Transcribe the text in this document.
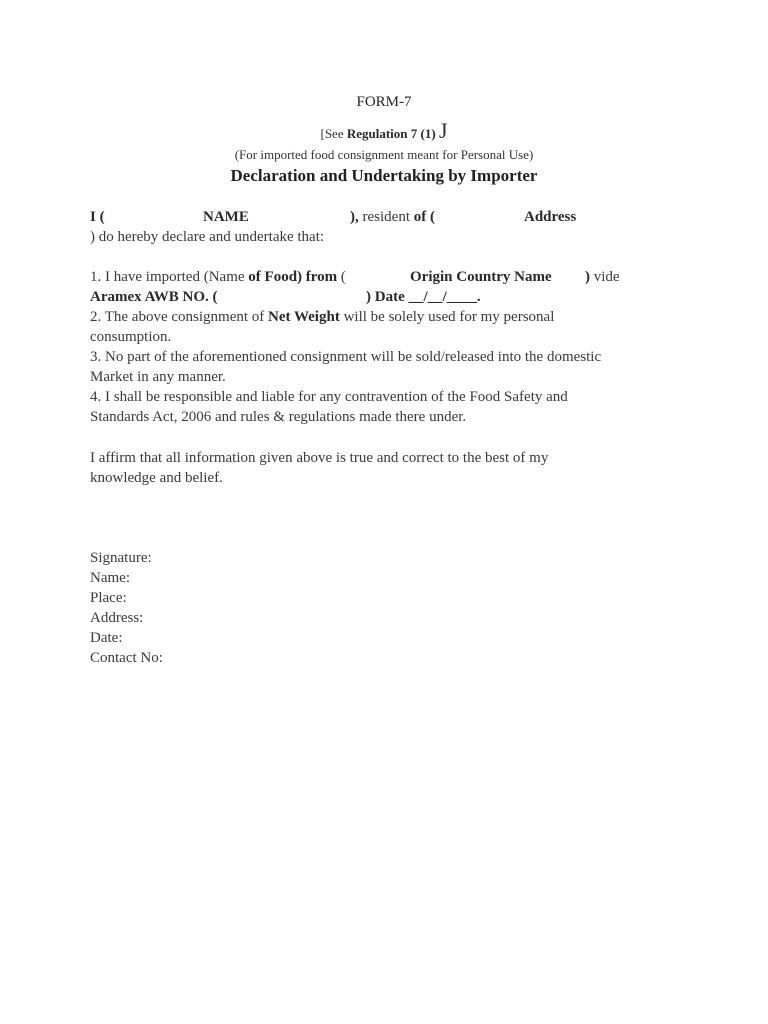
FORM-7
[See Regulation 7 (1) J
(For imported food consignment meant for Personal Use)
Declaration and Undertaking by Importer
I (	NAME	), resident of (	Address
) do hereby declare and undertake that:
1. I have imported (Name of Food) from (	Origin Country Name ) vide
Aramex AWB NO. (	) Date __/__/____.
2. The above consignment of Net Weight will be solely used for my personal
consumption.
3. No part of the aforementioned consignment will be sold/released into the domestic
Market in any manner.
4. I shall be responsible and liable for any contravention of the Food Safety and
Standards Act, 2006 and rules & regulations made there under.
I affirm that all information given above is true and correct to the best of my
knowledge and belief.
Signature:
Name:
Place:
Address:
Date:
Contact No:
